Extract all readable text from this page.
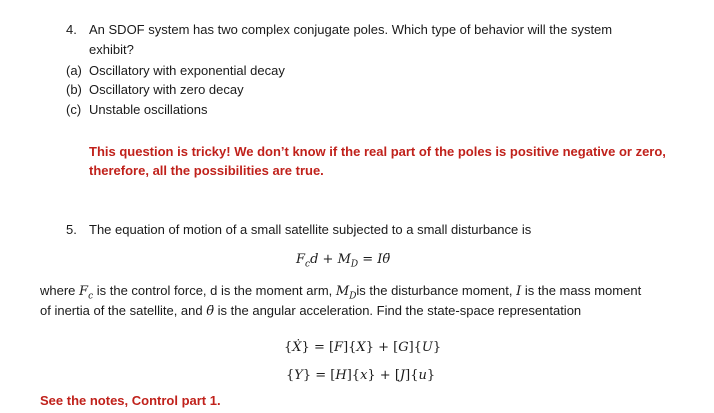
4. An SDOF system has two complex conjugate poles. Which type of behavior will the system
exhibit?
(a) Oscillatory with exponential decay
(b) Oscillatory with zero decay
(c) Unstable oscillations
This question is tricky! We don’t know if the real part of the poles is positive negative or zero,
therefore, all the possibilities are true.
5. The equation of motion of a small satellite subjected to a small disturbance is
$F_cd + M_D$ = Iθ̈
where $F_c$ is the control force, d is the moment arm, $M_Dis$ the disturbance moment, I is the mass moment
of inertia of the satellite, and θ̈ is the angular acceleration. Find the state-space representation
{Ẋ} = [F]{X} + [G]{U}
{Y} = [H]{x} + [J]{u}
See the notes, Control part 1.
